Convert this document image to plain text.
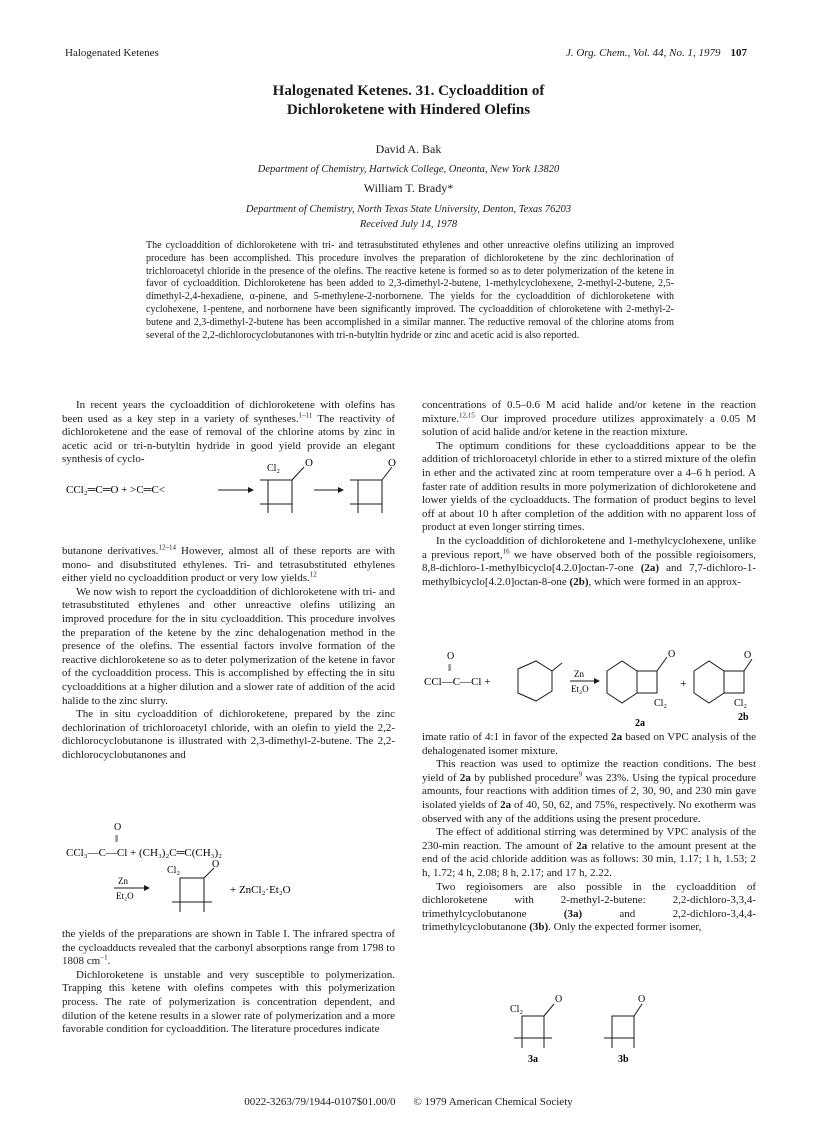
Halogenated Ketenes	J. Org. Chem., Vol. 44, No. 1, 1979 107
Halogenated Ketenes. 31. Cycloaddition of
Dichloroketene with Hindered Olefins
David A. Bak
Department of Chemistry, Hartwick College, Oneonta, New York 13820
William T. Brady*
Department of Chemistry, North Texas State University, Denton, Texas 76203
Received July 14, 1978
The cycloaddition of dichloroketene with tri- and tetrasubstituted ethylenes and other unreactive olefins utilizing an improved procedure has been accomplished. This procedure involves the preparation of dichloroketene by the zinc dechlorination of trichloroacetyl chloride in the presence of the olefins. The reactive ketene is formed so as to deter polymerization of the ketene in favor of cycloaddition. Dichloroketene has been added to 2,3-dimethyl-2-butene, 1-methylcyclohexene, 2-methyl-2-butene, 2,5-dimethyl-2,4-hexadiene, α-pinene, and 5-methylene-2-norbornene. The yields for the cycloaddition of dichloroketene with cyclohexene, 1-pentene, and norbornene have been significantly improved. The cycloaddition of chloroketene with 2-methyl-2-butene and 2,3-dimethyl-2-butene has been accomplished in a similar manner. The reductive removal of the chlorine atoms from several of the 2,2-dichlorocyclobutanones with tri-n-butyltin hydride or zinc and acetic acid is also reported.

In recent years the cycloaddition of dichloroketene with olefins has been used as a key step in a variety of syntheses.$^{1-11}$ The reactivity of dichloroketene and the ease of removal of the chlorine atoms by zinc in acetic acid or tri-n-butyltin hydride in good yield provide an elegant synthesis of cyclo-

CCl₂═C═O + >C═C<
O
Cl₂	O

butanone derivatives.$^{12-14}$ However, almost all of these reports are with mono- and disubstituted ethylenes. Tri- and tetrasubstituted ethylenes either yield no cycloaddition product or very low yields.$^{12}$

We now wish to report the cycloaddition of dichloroketene with tri- and tetrasubstituted ethylenes and other unreactive olefins utilizing an improved procedure for the in situ cycloaddition. This procedure involves the preparation of the ketene by the zinc dehalogenation method in the presence of the olefins. The essential factors involve formation of the reactive dichloroketene so as to deter polymerization of the ketene in favor of the cycloaddition process. This is accomplished by effecting the in situ cycloadditions at a higher dilution and a slower rate of addition of the acid halide to the zinc slurry.

The in situ cycloaddition of dichloroketene, prepared by the zinc dechlorination of trichloroacetyl chloride, with an olefin to yield the 2,2-dichlorocyclobutanone is illustrated with 2,3-dimethyl-2-butene. The 2,2-dichlorocyclobutanones and

O
‖
CCl₃—C—Cl + (CH₃)₂C═C(CH₃)₂
Zn
Et₂O
Cl₂
O
+ ZnCl₂·Et₂O

the yields of the preparations are shown in Table I. The infrared spectra of the cycloadducts revealed that the carbonyl absorptions range from 1798 to 1808 $cm^{-1}$.

Dichloroketene is unstable and very susceptible to polymerization. Trapping this ketene with olefins competes with this polymerization process. The rate of polymerization is concentration dependent, and dilution of the ketene results in a slower rate of polymerization and a more favorable condition for cycloaddition. The literature procedures indicate

concentrations of 0.5–0.6 M acid halide and/or ketene in the reaction mixture.$^{12,15}$ Our improved procedure utilizes approximately a 0.05 M solution of acid halide and/or ketene in the reaction mixture.

The optimum conditions for these cycloadditions appear to be the addition of trichloroacetyl chloride in ether to a stirred mixture of the olefin in ether and the activated zinc at room temperature over a 4–6 h period. A faster rate of addition results in more polymerization of dichloroketene and lower yields of the cycloadducts. The formation of product begins to level off at about 10 h after completion of the addition with no apparent loss of product at even longer stirring times.

In the cycloaddition of dichloroketene and 1-methylcyclohexene, unlike a previous report,$^{16}$ we have observed both of the possible regioisomers, 8,8-dichloro-1-methylbicyclo[4.2.0]octan-7-one (2a) and 7,7-dichloro-1-methylbicyclo[4.2.0]octan-8-one (2b), which were formed in an approx-

O
‖
CCl—C—Cl +
Zn
Et₂O
O
Cl₂
2a
+
O
Cl₂
2b

imate ratio of 4:1 in favor of the expected 2a based on VPC analysis of the dehalogenated isomer mixture.

This reaction was used to optimize the reaction conditions. The best yield of 2a by published procedure$^9$ was 23%. Using the typical procedure amounts, four reactions with addition times of 2, 30, 90, and 230 min gave isolated yields of 2a of 40, 50, 62, and 75%, respectively. No exotherm was observed with any of the additions using the present procedure.

The effect of additional stirring was determined by VPC analysis of the 230-min reaction. The amount of 2a relative to the amount present at the end of the acid chloride addition was as follows: 30 min, 1.17; 1 h, 1.53; 2 h, 1.72; 4 h, 2.08; 8 h, 2.17; and 17 h, 2.22.

Two regioisomers are also possible in the cycloaddition of dichloroketene with 2-methyl-2-butene: 2,2-dichloro-3,3,4-trimethylcyclobutanone (3a) and 2,2-dichloro-3,4,4-trimethylcyclobutanone (3b). Only the expected former isomer,

Cl₂
O	O
3a	3b
0022-3263/79/1944-0107$01.00/0 © 1979 American Chemical Society
